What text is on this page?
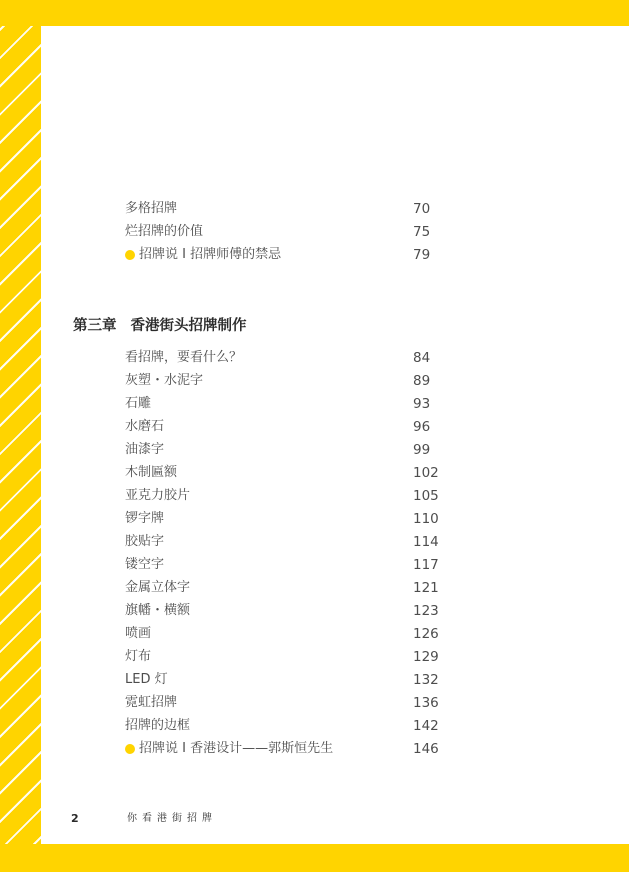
多格招牌	70
烂招牌的价值	75
招牌说 I 招牌师傅的禁忌	79
第三章 香港街头招牌制作
看招牌，要看什么？	84
灰塑・水泥字	89
石雕	93
水磨石	96
油漆字	99
木制匾额	102
亚克力胶片	105
锣字牌	110
胶贴字	114
镂空字	117
金属立体字	121
旗幡・横额	123
喷画	126
灯布	129
LED 灯	132
霓虹招牌	136
招牌的边框	142
招牌说 I 香港设计——郭斯恒先生	146
2	你看港街招牌
